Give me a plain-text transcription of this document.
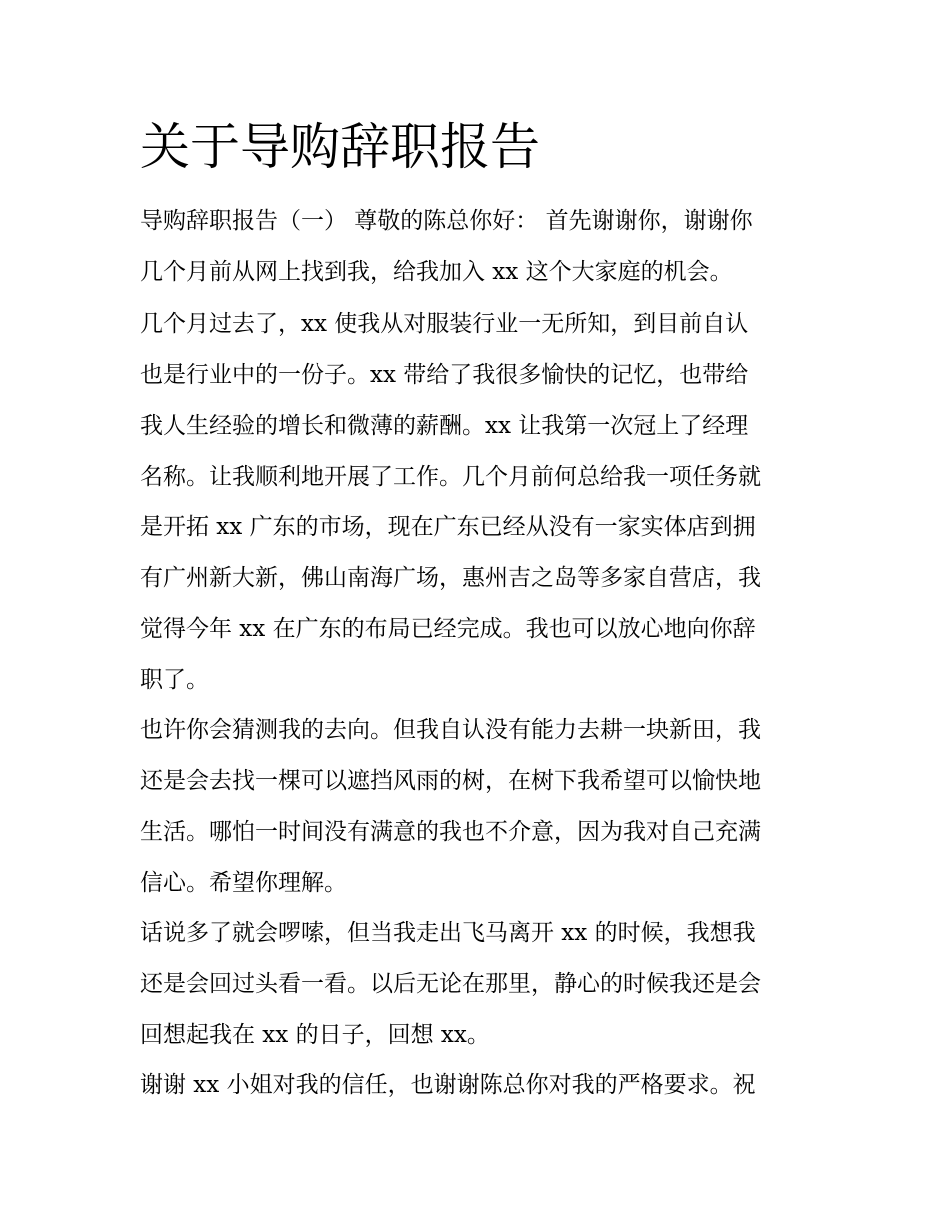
关于导购辞职报告

导购辞职报告（一） 尊敬的陈总你好： 首先谢谢你，谢谢你

几个月前从网上找到我，给我加入 xx 这个大家庭的机会。

几个月过去了，xx 使我从对服装行业一无所知，到目前自认

也是行业中的一份子。xx 带给了我很多愉快的记忆，也带给

我人生经验的增长和微薄的薪酬。xx 让我第一次冠上了经理

名称。让我顺利地开展了工作。几个月前何总给我一项任务就

是开拓 xx 广东的市场，现在广东已经从没有一家实体店到拥

有广州新大新，佛山南海广场，惠州吉之岛等多家自营店，我

觉得今年 xx 在广东的布局已经完成。我也可以放心地向你辞

职了。

也许你会猜测我的去向。但我自认没有能力去耕一块新田，我

还是会去找一棵可以遮挡风雨的树，在树下我希望可以愉快地

生活。哪怕一时间没有满意的我也不介意，因为我对自己充满

信心。希望你理解。

话说多了就会啰嗦，但当我走出飞马离开 xx 的时候，我想我

还是会回过头看一看。以后无论在那里，静心的时候我还是会

回想起我在 xx 的日子，回想 xx。

谢谢 xx 小姐对我的信任，也谢谢陈总你对我的严格要求。祝
